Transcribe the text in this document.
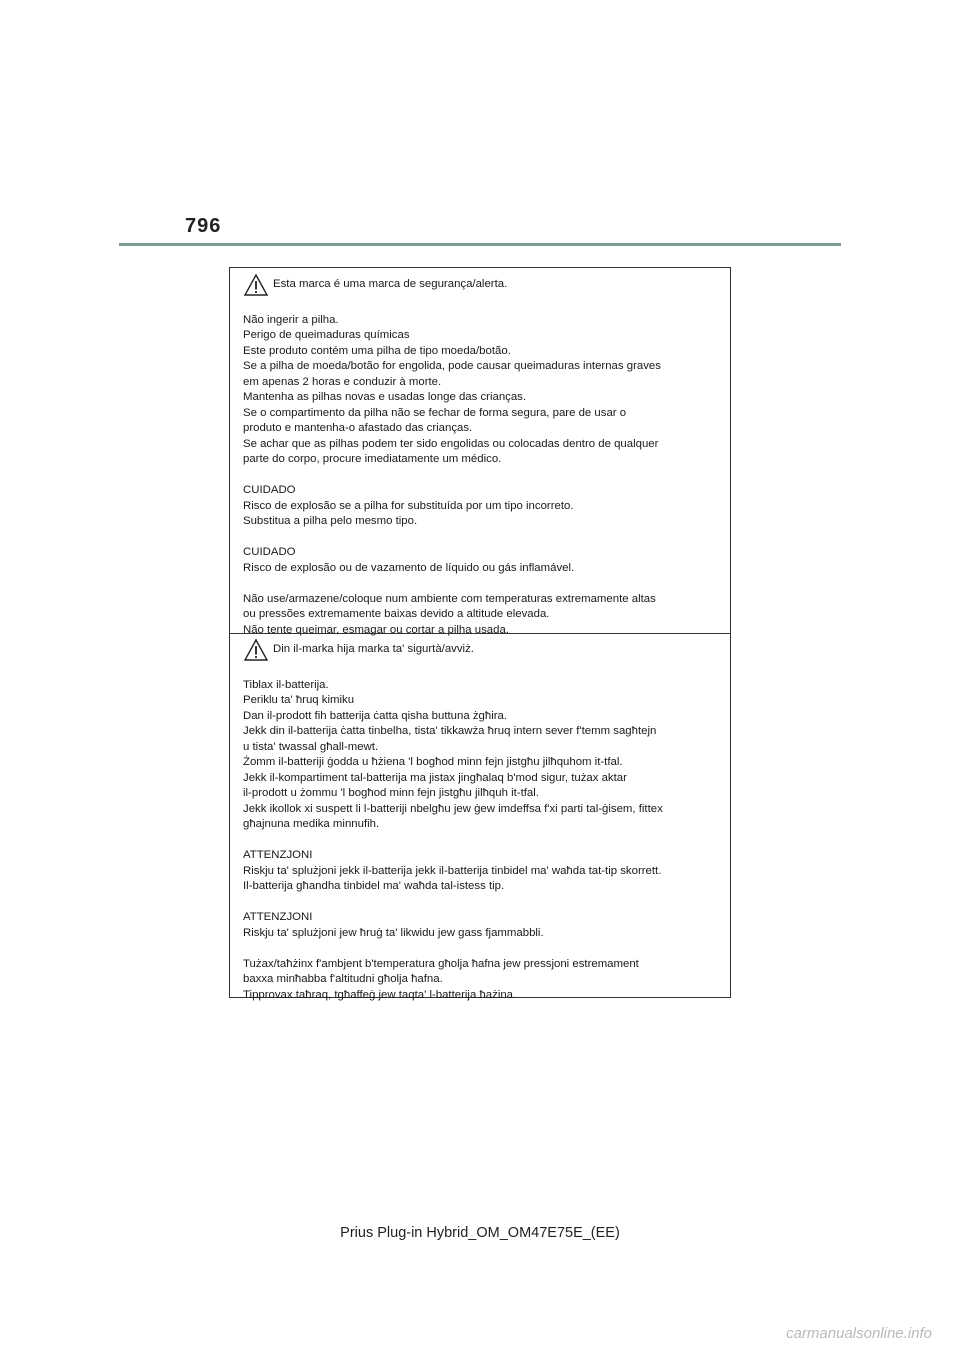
796
Esta marca é uma marca de segurança/alerta.
Não ingerir a pilha.
Perigo de queimaduras químicas
Este produto contém uma pilha de tipo moeda/botão.
Se a pilha de moeda/botão for engolida, pode causar queimaduras internas graves
em apenas 2 horas e conduzir à morte.
Mantenha as pilhas novas e usadas longe das crianças.
Se o compartimento da pilha não se fechar de forma segura, pare de usar o
produto e mantenha-o afastado das crianças.
Se achar que as pilhas podem ter sido engolidas ou colocadas dentro de qualquer
parte do corpo, procure imediatamente um médico.
CUIDADO
Risco de explosão se a pilha for substituída por um tipo incorreto.
Substitua a pilha pelo mesmo tipo.
CUIDADO
Risco de explosão ou de vazamento de líquido ou gás inflamável.
Não use/armazene/coloque num ambiente com temperaturas extremamente altas
ou pressões extremamente baixas devido a altitude elevada.
Não tente queimar, esmagar ou cortar a pilha usada.
Din il-marka hija marka ta' sigurtà/avviż.
Tiblax il-batterija.
Periklu ta' ħruq kimiku
Dan il-prodott fih batterija ċatta qisha buttuna żgħira.
Jekk din il-batterija ċatta tinbelha, tista' tikkawża ħruq intern sever f'temm sagħtejn
u tista' twassal għall-mewt.
Żomm il-batteriji ġodda u ħżiena 'l bogħod minn fejn jistgħu jilħquhom it-tfal.
Jekk il-kompartiment tal-batterija ma jistax jingħalaq b'mod sigur, tużax aktar
il-prodott u żommu 'l bogħod minn fejn jistgħu jilħquh it-tfal.
Jekk ikollok xi suspett li l-batteriji nbelgħu jew ġew imdeffsa f'xi parti tal-ġisem, fittex
għajnuna medika minnufih.
ATTENZJONI
Riskju ta' splużjoni jekk il-batterija jekk il-batterija tinbidel ma' waħda tat-tip skorrett.
Il-batterija għandha tinbidel ma' waħda tal-istess tip.
ATTENZJONI
Riskju ta' splużjoni jew ħruġ ta' likwidu jew gass fjammabbli.
Tużax/taħżinx f'ambjent b'temperatura għolja ħafna jew pressjoni estremament
baxxa minħabba f'altitudni għolja ħafna.
Tipprovax taħraq, tgħaffeġ jew taqta' l-batterija ħażina.
Prius Plug-in Hybrid_OM_OM47E75E_(EE)
carmanualsonline.info
